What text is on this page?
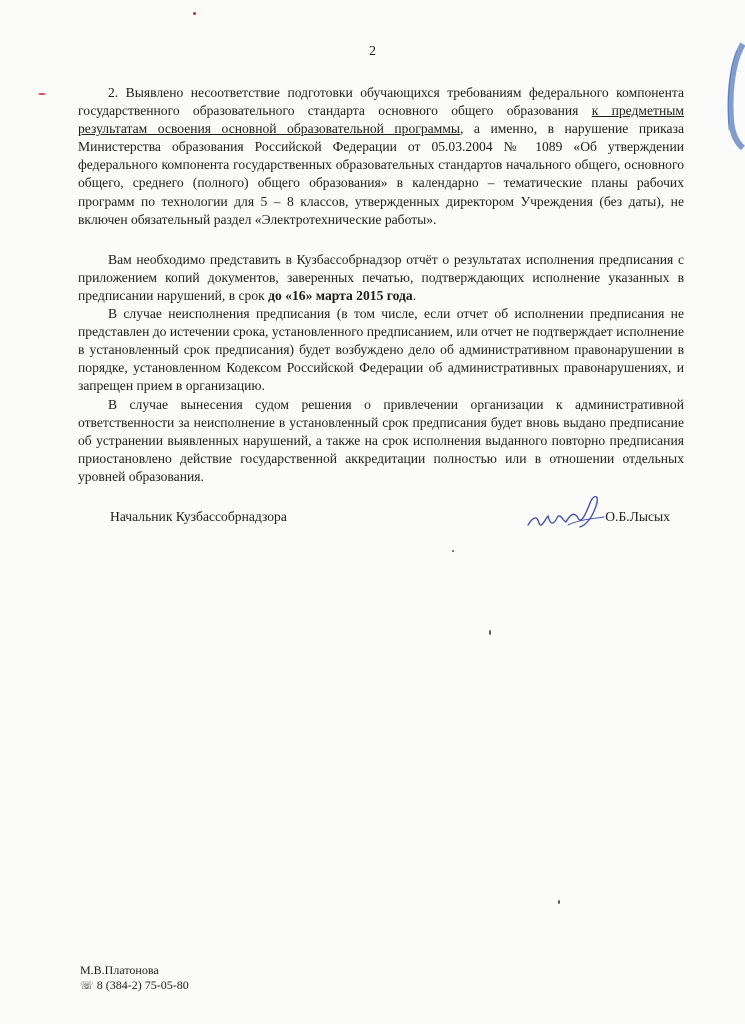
2

2. Выявлено несоответствие подготовки обучающихся требованиям федерального компонента государственного образовательного стандарта основного общего образования к предметным результатам освоения основной образовательной программы, а именно, в нарушение приказа Министерства образования Российской Федерации от 05.03.2004 № 1089 «Об утверждении федерального компонента государственных образовательных стандартов начального общего, основного общего, среднего (полного) общего образования» в календарно – тематические планы рабочих программ по технологии для 5 – 8 классов, утвержденных директором Учреждения (без даты), не включен обязательный раздел «Электротехнические работы».

Вам необходимо представить в Кузбассобрнадзор отчёт о результатах исполнения предписания с приложением копий документов, заверенных печатью, подтверждающих исполнение указанных в предписании нарушений, в срок до «16» марта 2015 года.

В случае неисполнения предписания (в том числе, если отчет об исполнении предписания не представлен до истечении срока, установленного предписанием, или отчет не подтверждает исполнение в установленный срок предписания) будет возбуждено дело об административном правонарушении в порядке, установленном Кодексом Российской Федерации об административных правонарушениях, и запрещен прием в организацию.

В случае вынесения судом решения о привлечении организации к административной ответственности за неисполнение в установленный срок предписания будет вновь выдано предписание об устранении выявленных нарушений, а также на срок исполнения выданного повторно предписания приостановлено действие государственной аккредитации полностью или в отношении отдельных уровней образования.

Начальник Кузбассобрнадзора	О.Б.Лысых
М.В.Платонова
☏ 8 (384-2) 75-05-80
